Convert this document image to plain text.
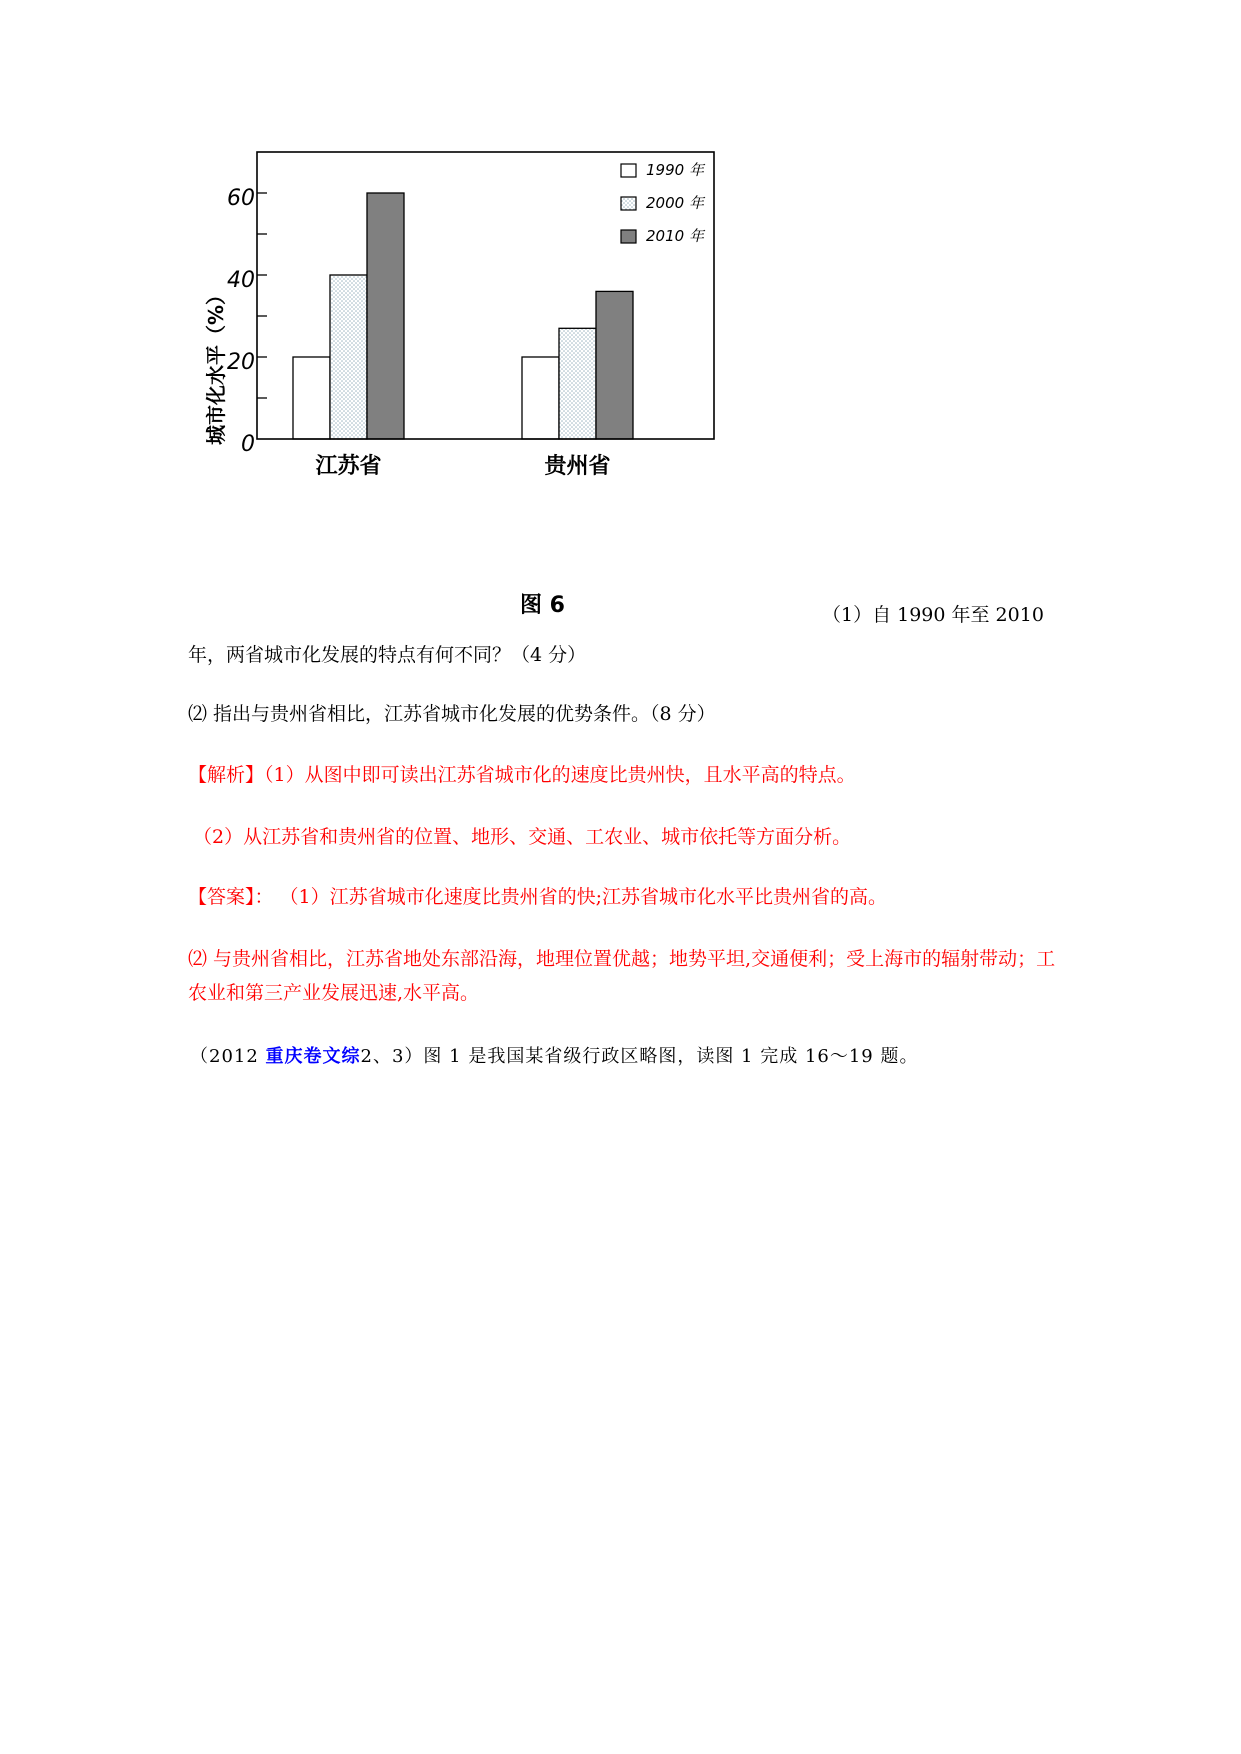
江苏省	贵州省
0
20
40
60
1990 年
2000 年
2010 年
城市化水平（%）
图 6	（1）自 1990 年至 2010
年，两省城市化发展的特点有何不同？（4 分）
⑵ 指出与贵州省相比，江苏省城市化发展的优势条件。（8 分）
【解析】（1）从图中即可读出江苏省城市化的速度比贵州快，且水平高的特点。
（2）从江苏省和贵州省的位置、地形、交通、工农业、城市依托等方面分析。
【答案】： （1）江苏省城市化速度比贵州省的快;江苏省城市化水平比贵州省的高。
⑵ 与贵州省相比，江苏省地处东部沿海，地理位置优越；地势平坦,交通便利；受上海市的辐射带动；工农业和第三产业发展迅速,水平高。
（2012 重庆卷文综2、3）图 1 是我国某省级行政区略图，读图 1 完成 16～19 题。
